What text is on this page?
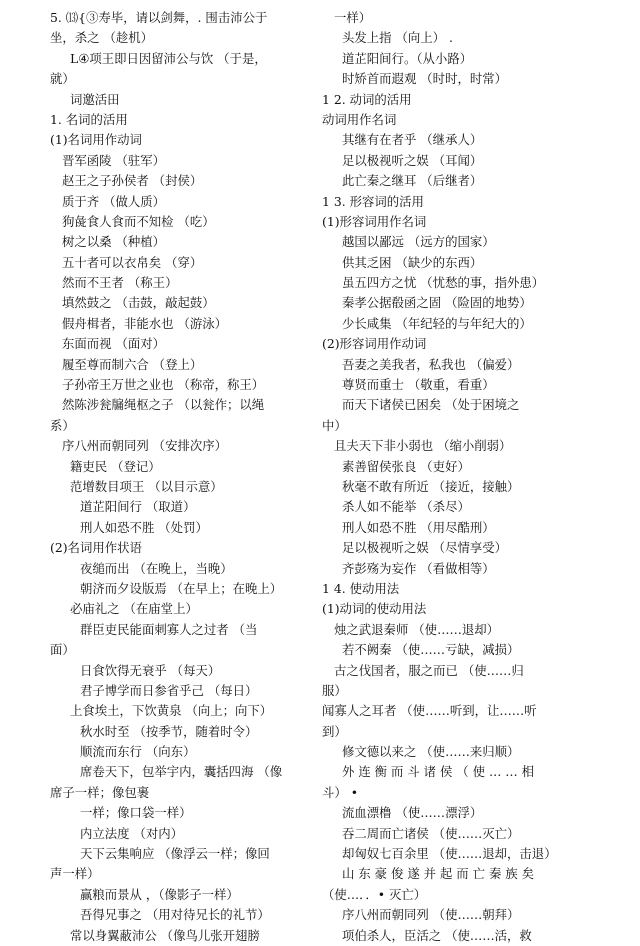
5. ⒀{③寿毕，请以剑舞，. 围击沛公于
坐，杀之 （趁机）
L④项王即日因留沛公与饮 （于是，
就）
词邀活田
1. 名词的活用
(1)名词用作动词
晋军函陵 （驻军）
赵王之子孙侯者 （封侯）
质于齐 （做人质）
狗彘食人食而不知检 （吃）
树之以桑 （种植）
五十者可以衣帛矣 （穿）
然而不王者 （称王）
填然鼓之 （击鼓，敲起鼓）
假舟楫者，非能水也 （游泳）
东面而视 （面对）
履至尊而制六合 （登上）
子孙帝王万世之业也 （称帝，称王）
然陈涉瓮牖绳枢之子 （以瓮作；以绳
系）
序八州而朝同列 （安排次序）
籍吏民 （登记）
范增数目项王 （以目示意）
道芷阳间行 （取道）
刑人如恐不胜 （处罚）
(2)名词用作状语
夜缒而出 （在晚上，当晚）
朝济而夕设版焉 （在早上；在晚上）
必庙礼之 （在庙堂上）
群臣吏民能面刺寡人之过者 （当
面）
日食饮得无衰乎 （每天）
君子博学而日参省乎己 （每日）
上食埃土，下饮黄泉 （向上；向下）
秋水时至 （按季节，随着时令）
顺流而东行 （向东）
席卷天下，包举宇内，囊括四海 （像
席子一样；像包裹
一样；像口袋一样）
内立法度 （对内）
天下云集响应 （像浮云一样；像回
声一样）
赢粮而景从 ，（像影子一样）
吾得兄事之 （用对待兄长的礼节）
常以身翼蔽沛公 （像鸟儿张开翅膀
一样）
头发上指 （向上） .
道芷阳间行。（从小路）
时矫首而遐观 （时时，时常）
1 2. 动词的活用
动词用作名词
其继有在者乎 （继承人）
足以极视听之娱 （耳闻）
此亡秦之继耳 （后继者）
1 3. 形容词的活用
(1)形容词用作名词
越国以鄙远 （远方的国家）
供其乏困 （缺少的东西）
虽五四方之忧 （忧愁的事，指外患）
秦孝公据殽函之固 （险固的地势）
少长咸集 （年纪轻的与年纪大的）
(2)形容词用作动词
吾妻之美我者，私我也 （偏爱）
尊贤而重士 （敬重，看重）
而天下诸侯已困矣 （处于困境之
中）
且夫天下非小弱也 （缩小削弱）
素善留侯张良 （吏好）
秋毫不敢有所近 （接近，接触）
杀人如不能举 （杀尽）
刑人如恐不胜 （用尽酷刑）
足以极视听之娱 （尽情享受）
齐彭殇为妄作 （看做相等）
1 4. 使动用法
(1)动词的使动用法
烛之武退秦师 （使……退却）
若不阙秦 （使……亏缺，减损）
古之伐国者，服之而已 （使……归
服）
闻寡人之耳者 （使……听到，让……听
到）
修文德以来之 （使……来归顺）
外 连 衡 而 斗 诸 侯 （ 使 … … 相
斗） •
流血漂橹 （使……漂浮）
吞二周而亡诸侯 （使……灭亡）
却匈奴七百余里 （使……退却，击退）
山 东 豪 俊 遂 并 起 而 亡 秦 族 矣
（使…．．• 灭亡）
序八州而朝同列 （使……朝拜）
项伯杀人，臣活之 （使……活，救
